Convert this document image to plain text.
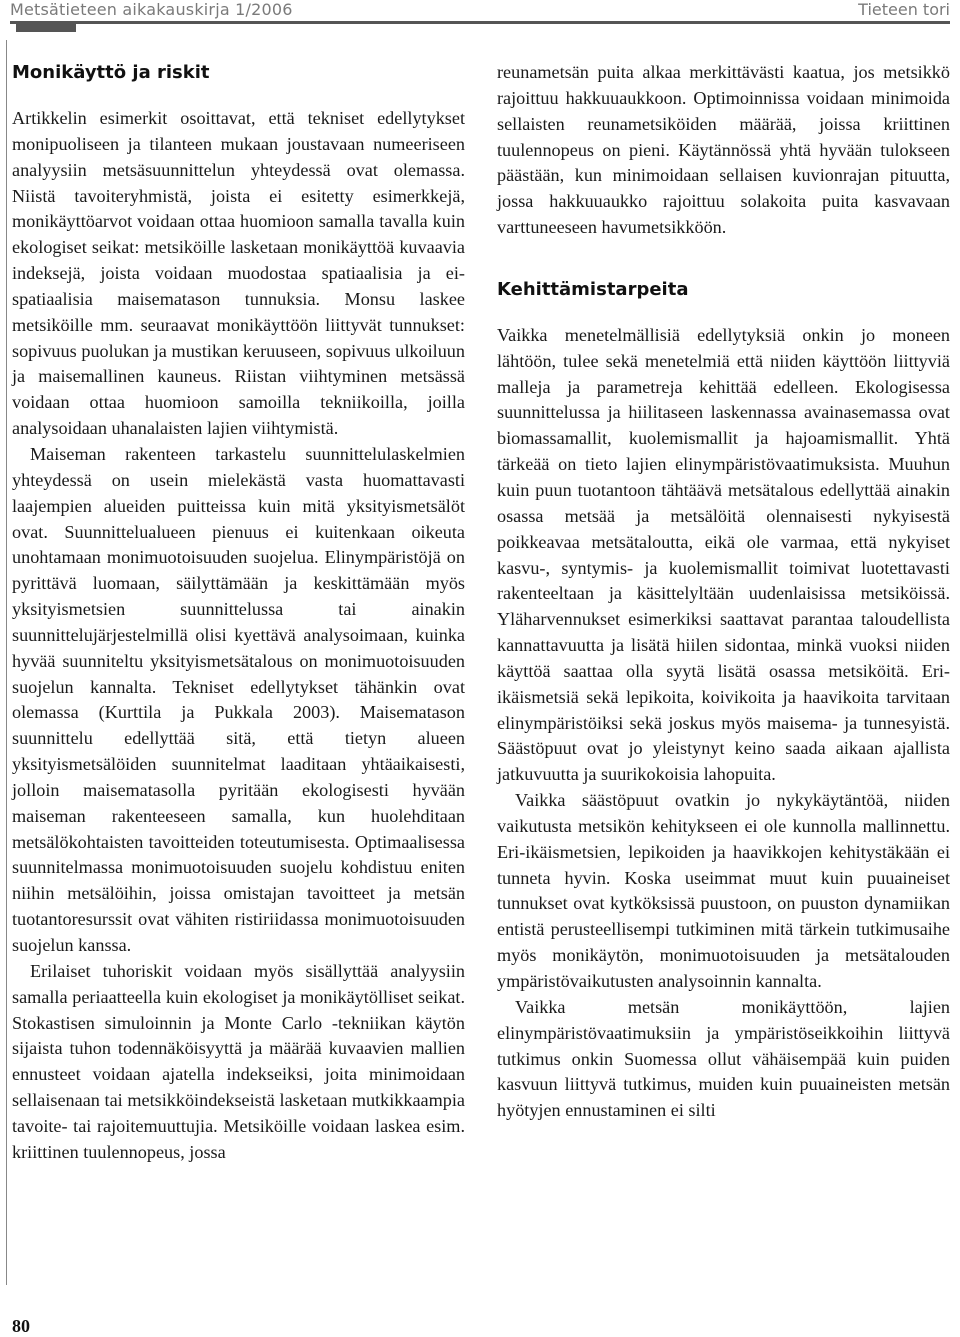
Metsätieteen aikakauskirja 1/2006	Tieteen tori
Monikäyttö ja riskit

Artikkelin esimerkit osoittavat, että tekniset edellytykset monipuoliseen ja tilanteen mukaan joustavaan numeeriseen analyysiin metsäsuunnittelun yhteydessä ovat olemassa. Niistä tavoiteryhmistä, joista ei esitetty esimerkkejä, monikäyttöarvot voidaan ottaa huomioon samalla tavalla kuin ekologiset seikat: metsiköille lasketaan monikäyttöä kuvaavia indeksejä, joista voidaan muodostaa spatiaalisia ja ei-spatiaalisia maisematason tunnuksia. Monsu laskee metsiköille mm. seuraavat monikäyttöön liittyvät tunnukset: sopivuus puolukan ja mustikan keruuseen, sopivuus ulkoiluun ja maisemallinen kauneus. Riistan viihtyminen metsässä voidaan ottaa huomioon samoilla tekniikoilla, joilla analysoidaan uhanalaisten lajien viihtymistä.

Maiseman rakenteen tarkastelu suunnittelulaskelmien yhteydessä on usein mielekästä vasta huomattavasti laajempien alueiden puitteissa kuin mitä yksityismetsälöt ovat. Suunnittelualueen pienuus ei kuitenkaan oikeuta unohtamaan monimuotoisuuden suojelua. Elinympäristöjä on pyrittävä luomaan, säilyttämään ja keskittämään myös yksityismetsien suunnittelussa tai ainakin suunnittelujärjestelmillä olisi kyettävä analysoimaan, kuinka hyvää suunniteltu yksityismetsätalous on monimuotoisuuden suojelun kannalta. Tekniset edellytykset tähänkin ovat olemassa (Kurttila ja Pukkala 2003). Maisematason suunnittelu edellyttää sitä, että tietyn alueen yksityismetsälöiden suunnitelmat laaditaan yhtäaikaisesti, jolloin maisematasolla pyritään ekologisesti hyvään maiseman rakenteeseen samalla, kun huolehditaan metsälökohtaisten tavoitteiden toteutumisesta. Optimaalisessa suunnitelmassa monimuotoisuuden suojelu kohdistuu eniten niihin metsälöihin, joissa omistajan tavoitteet ja metsän tuotantoresurssit ovat vähiten ristiriidassa monimuotoisuuden suojelun kanssa.

Erilaiset tuhoriskit voidaan myös sisällyttää analyysiin samalla periaatteella kuin ekologiset ja monikäytölliset seikat. Stokastisen simuloinnin ja Monte Carlo -tekniikan käytön sijaista tuhon todennäköisyyttä ja määrää kuvaavien mallien ennusteet voidaan ajatella indekseiksi, joita minimoidaan sellaisenaan tai metsikköindekseistä lasketaan mutkikkaampia tavoite- tai rajoitemuuttujia. Metsiköille voidaan laskea esim. kriittinen tuulennopeus, jossa

reunametsän puita alkaa merkittävästi kaatua, jos metsikkö rajoittuu hakkuuaukkoon. Optimoinnissa voidaan minimoida sellaisten reunametsiköiden määrää, joissa kriittinen tuulennopeus on pieni. Käytännössä yhtä hyvään tulokseen päästään, kun minimoidaan sellaisen kuvionrajan pituutta, jossa hakkuuaukko rajoittuu solakoita puita kasvavaan varttuneeseen havumetsikköön.

Kehittämistarpeita

Vaikka menetelmällisiä edellytyksiä onkin jo moneen lähtöön, tulee sekä menetelmiä että niiden käyttöön liittyviä malleja ja parametreja kehittää edelleen. Ekologisessa suunnittelussa ja hiilitaseen laskennassa avainasemassa ovat biomassamallit, kuolemismallit ja hajoamismallit. Yhtä tärkeää on tieto lajien elinympäristövaatimuksista. Muuhun kuin puun tuotantoon tähtäävä metsätalous edellyttää ainakin osassa metsää ja metsälöitä olennaisesti nykyisestä poikkeavaa metsätaloutta, eikä ole varmaa, että nykyiset kasvu-, syntymis- ja kuolemismallit toimivat luotettavasti rakenteeltaan ja käsittelyltään uudenlaisissa metsiköissä. Yläharvennukset esimerkiksi saattavat parantaa taloudellista kannattavuutta ja lisätä hiilen sidontaa, minkä vuoksi niiden käyttöä saattaa olla syytä lisätä osassa metsiköitä. Eri-ikäismetsiä sekä lepikoita, koivikoita ja haavikoita tarvitaan elinympäristöiksi sekä joskus myös maisema- ja tunnesyistä. Säästöpuut ovat jo yleistynyt keino saada aikaan ajallista jatkuvuutta ja suurikokoisia lahopuita.

Vaikka säästöpuut ovatkin jo nykykäytäntöä, niiden vaikutusta metsikön kehitykseen ei ole kunnolla mallinnettu. Eri-ikäismetsien, lepikoiden ja haavikkojen kehitystäkään ei tunneta hyvin. Koska useimmat muut kuin puuaineiset tunnukset ovat kytköksissä puustoon, on puuston dynamiikan entistä perusteellisempi tutkiminen mitä tärkein tutkimusaihe myös monikäytön, monimuotoisuuden ja metsätalouden ympäristövaikutusten analysoinnin kannalta.

Vaikka metsän monikäyttöön, lajien elinympäristövaatimuksiin ja ympäristöseikkoihin liittyvä tutkimus onkin Suomessa ollut vähäisempää kuin puiden kasvuun liittyvä tutkimus, muiden kuin puuaineisten metsän hyötyjen ennustaminen ei silti

80
